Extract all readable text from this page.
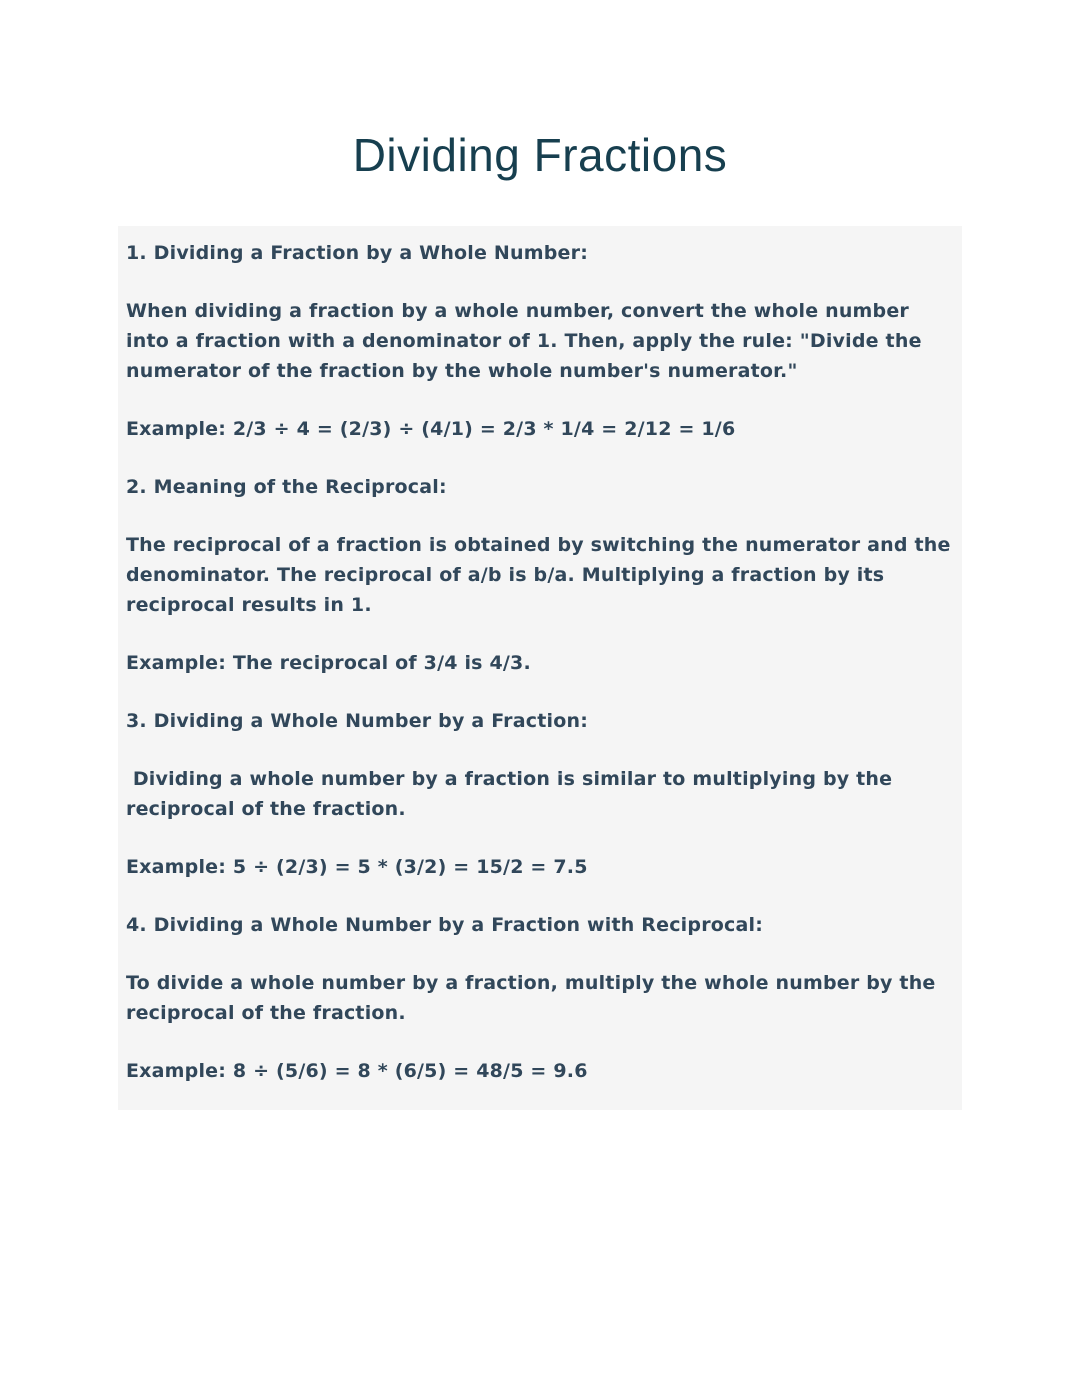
Dividing Fractions

1. Dividing a Fraction by a Whole Number:

When dividing a fraction by a whole number, convert the whole number into a fraction with a denominator of 1. Then, apply the rule: "Divide the numerator of the fraction by the whole number's numerator."

Example: 2/3 ÷ 4 = (2/3) ÷ (4/1) = 2/3 * 1/4 = 2/12 = 1/6

2. Meaning of the Reciprocal:

The reciprocal of a fraction is obtained by switching the numerator and the denominator. The reciprocal of a/b is b/a. Multiplying a fraction by its reciprocal results in 1.

Example: The reciprocal of 3/4 is 4/3.

3. Dividing a Whole Number by a Fraction:

Dividing a whole number by a fraction is similar to multiplying by the reciprocal of the fraction.

Example: 5 ÷ (2/3) = 5 * (3/2) = 15/2 = 7.5

4. Dividing a Whole Number by a Fraction with Reciprocal:

To divide a whole number by a fraction, multiply the whole number by the reciprocal of the fraction.

Example: 8 ÷ (5/6) = 8 * (6/5) = 48/5 = 9.6
